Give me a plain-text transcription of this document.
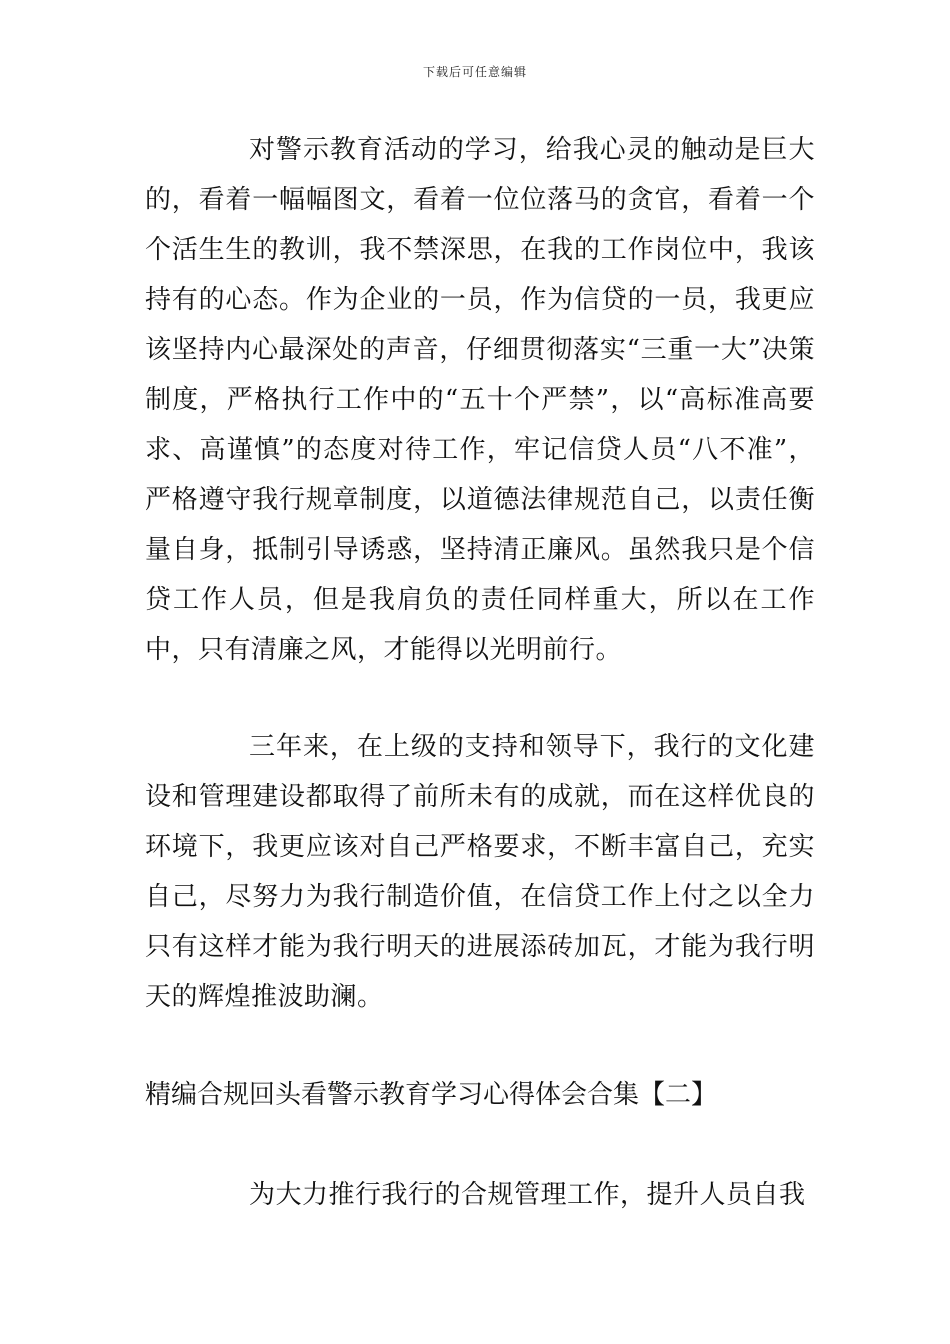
下载后可任意编辑

对警示教育活动的学习，给我心灵的触动是巨大的，看着一幅幅图文，看着一位位落马的贪官，看着一个个活生生的教训，我不禁深思，在我的工作岗位中，我该持有的心态。作为企业的一员，作为信贷的一员，我更应该坚持内心最深处的声音，仔细贯彻落实“三重一大”决策制度，严格执行工作中的“五十个严禁”，以“高标准高要求、高谨慎”的态度对待工作，牢记信贷人员“八不准”，严格遵守我行规章制度，以道德法律规范自己，以责任衡量自身，抵制引导诱惑，坚持清正廉风。虽然我只是个信贷工作人员，但是我肩负的责任同样重大，所以在工作中，只有清廉之风，才能得以光明前行。

三年来，在上级的支持和领导下，我行的文化建设和管理建设都取得了前所未有的成就，而在这样优良的环境下，我更应该对自己严格要求，不断丰富自己，充实自己，尽努力为我行制造价值，在信贷工作上付之以全力只有这样才能为我行明天的进展添砖加瓦，才能为我行明天的辉煌推波助澜。

精编合规回头看警示教育学习心得体会合集【二】

为大力推行我行的合规管理工作，提升人员自我
